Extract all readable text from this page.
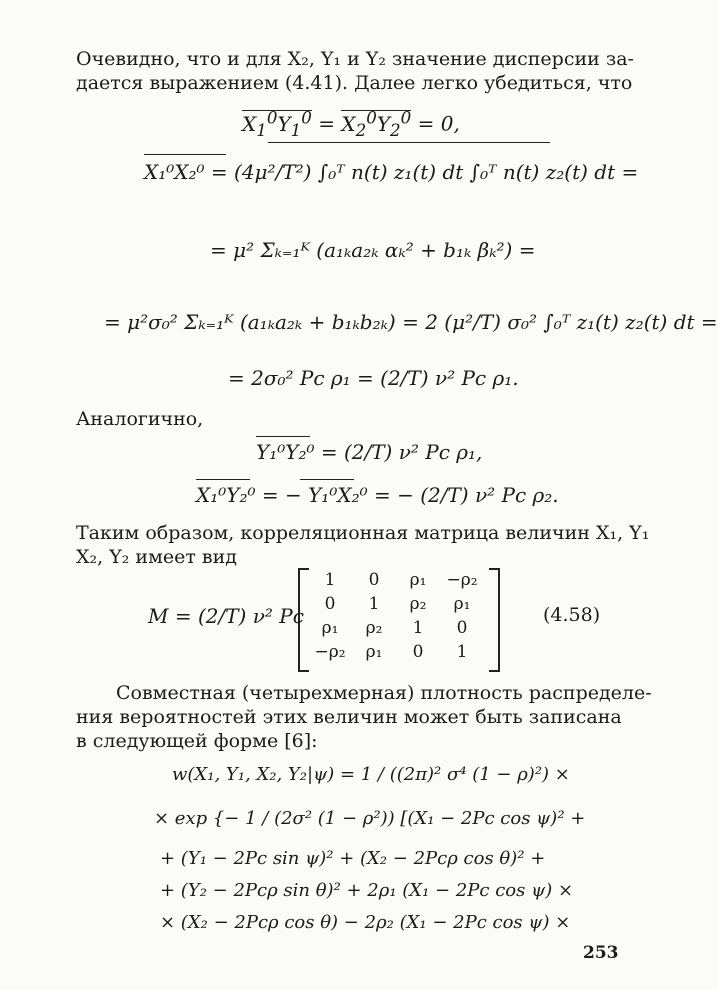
Очевидно, что и для X₂, Y₁ и Y₂ значение дисперсии за-
дается выражением (4.41). Далее легко убедиться, что
$X_1^0Y_1^0 = X_2^0Y_2^0 = 0$,
X₁⁰X₂⁰ = (4μ²/T²) ∫₀ᵀ n(t) z₁(t) dt ∫₀ᵀ n(t) z₂(t) dt =
= μ² Σₖ₌₁ᴷ (a₁ₖa₂ₖ αₖ² + b₁ₖ βₖ²) =
= μ²σ₀² Σₖ₌₁ᴷ (a₁ₖa₂ₖ + b₁ₖb₂ₖ) = 2 (μ²/T) σ₀² ∫₀ᵀ z₁(t) z₂(t) dt =
= 2σ₀² Pc ρ₁ = (2/T) ν² Pc ρ₁.
Аналогично,
Y₁⁰Y₂⁰ = (2/T) ν² Pc ρ₁,
X₁⁰Y₂⁰ = − Y₁⁰X₂⁰ = − (2/T) ν² Pc ρ₂.
Таким образом, корреляционная матрица величин X₁, Y₁
X₂, Y₂ имеет вид
M = (2/T) ν² Pc
1	0	ρ₁	−ρ₂
0	1	ρ₂	ρ₁
ρ₁	ρ₂	1	0
−ρ₂	ρ₁	0	1
(4.58)
Совместная (четырехмерная) плотность распределе-
ния вероятностей этих величин может быть записана
в следующей форме [6]:
w(X₁, Y₁, X₂, Y₂|ψ) = 1 / ((2π)² σ⁴ (1 − ρ)²) ×
× exp {− 1 / (2σ² (1 − ρ²)) [(X₁ − 2Pc cos ψ)² +
+ (Y₁ − 2Pc sin ψ)² + (X₂ − 2Pcρ cos θ)² +
+ (Y₂ − 2Pcρ sin θ)² + 2ρ₁ (X₁ − 2Pc cos ψ) ×
× (X₂ − 2Pcρ cos θ) − 2ρ₂ (X₁ − 2Pc cos ψ) ×
253
